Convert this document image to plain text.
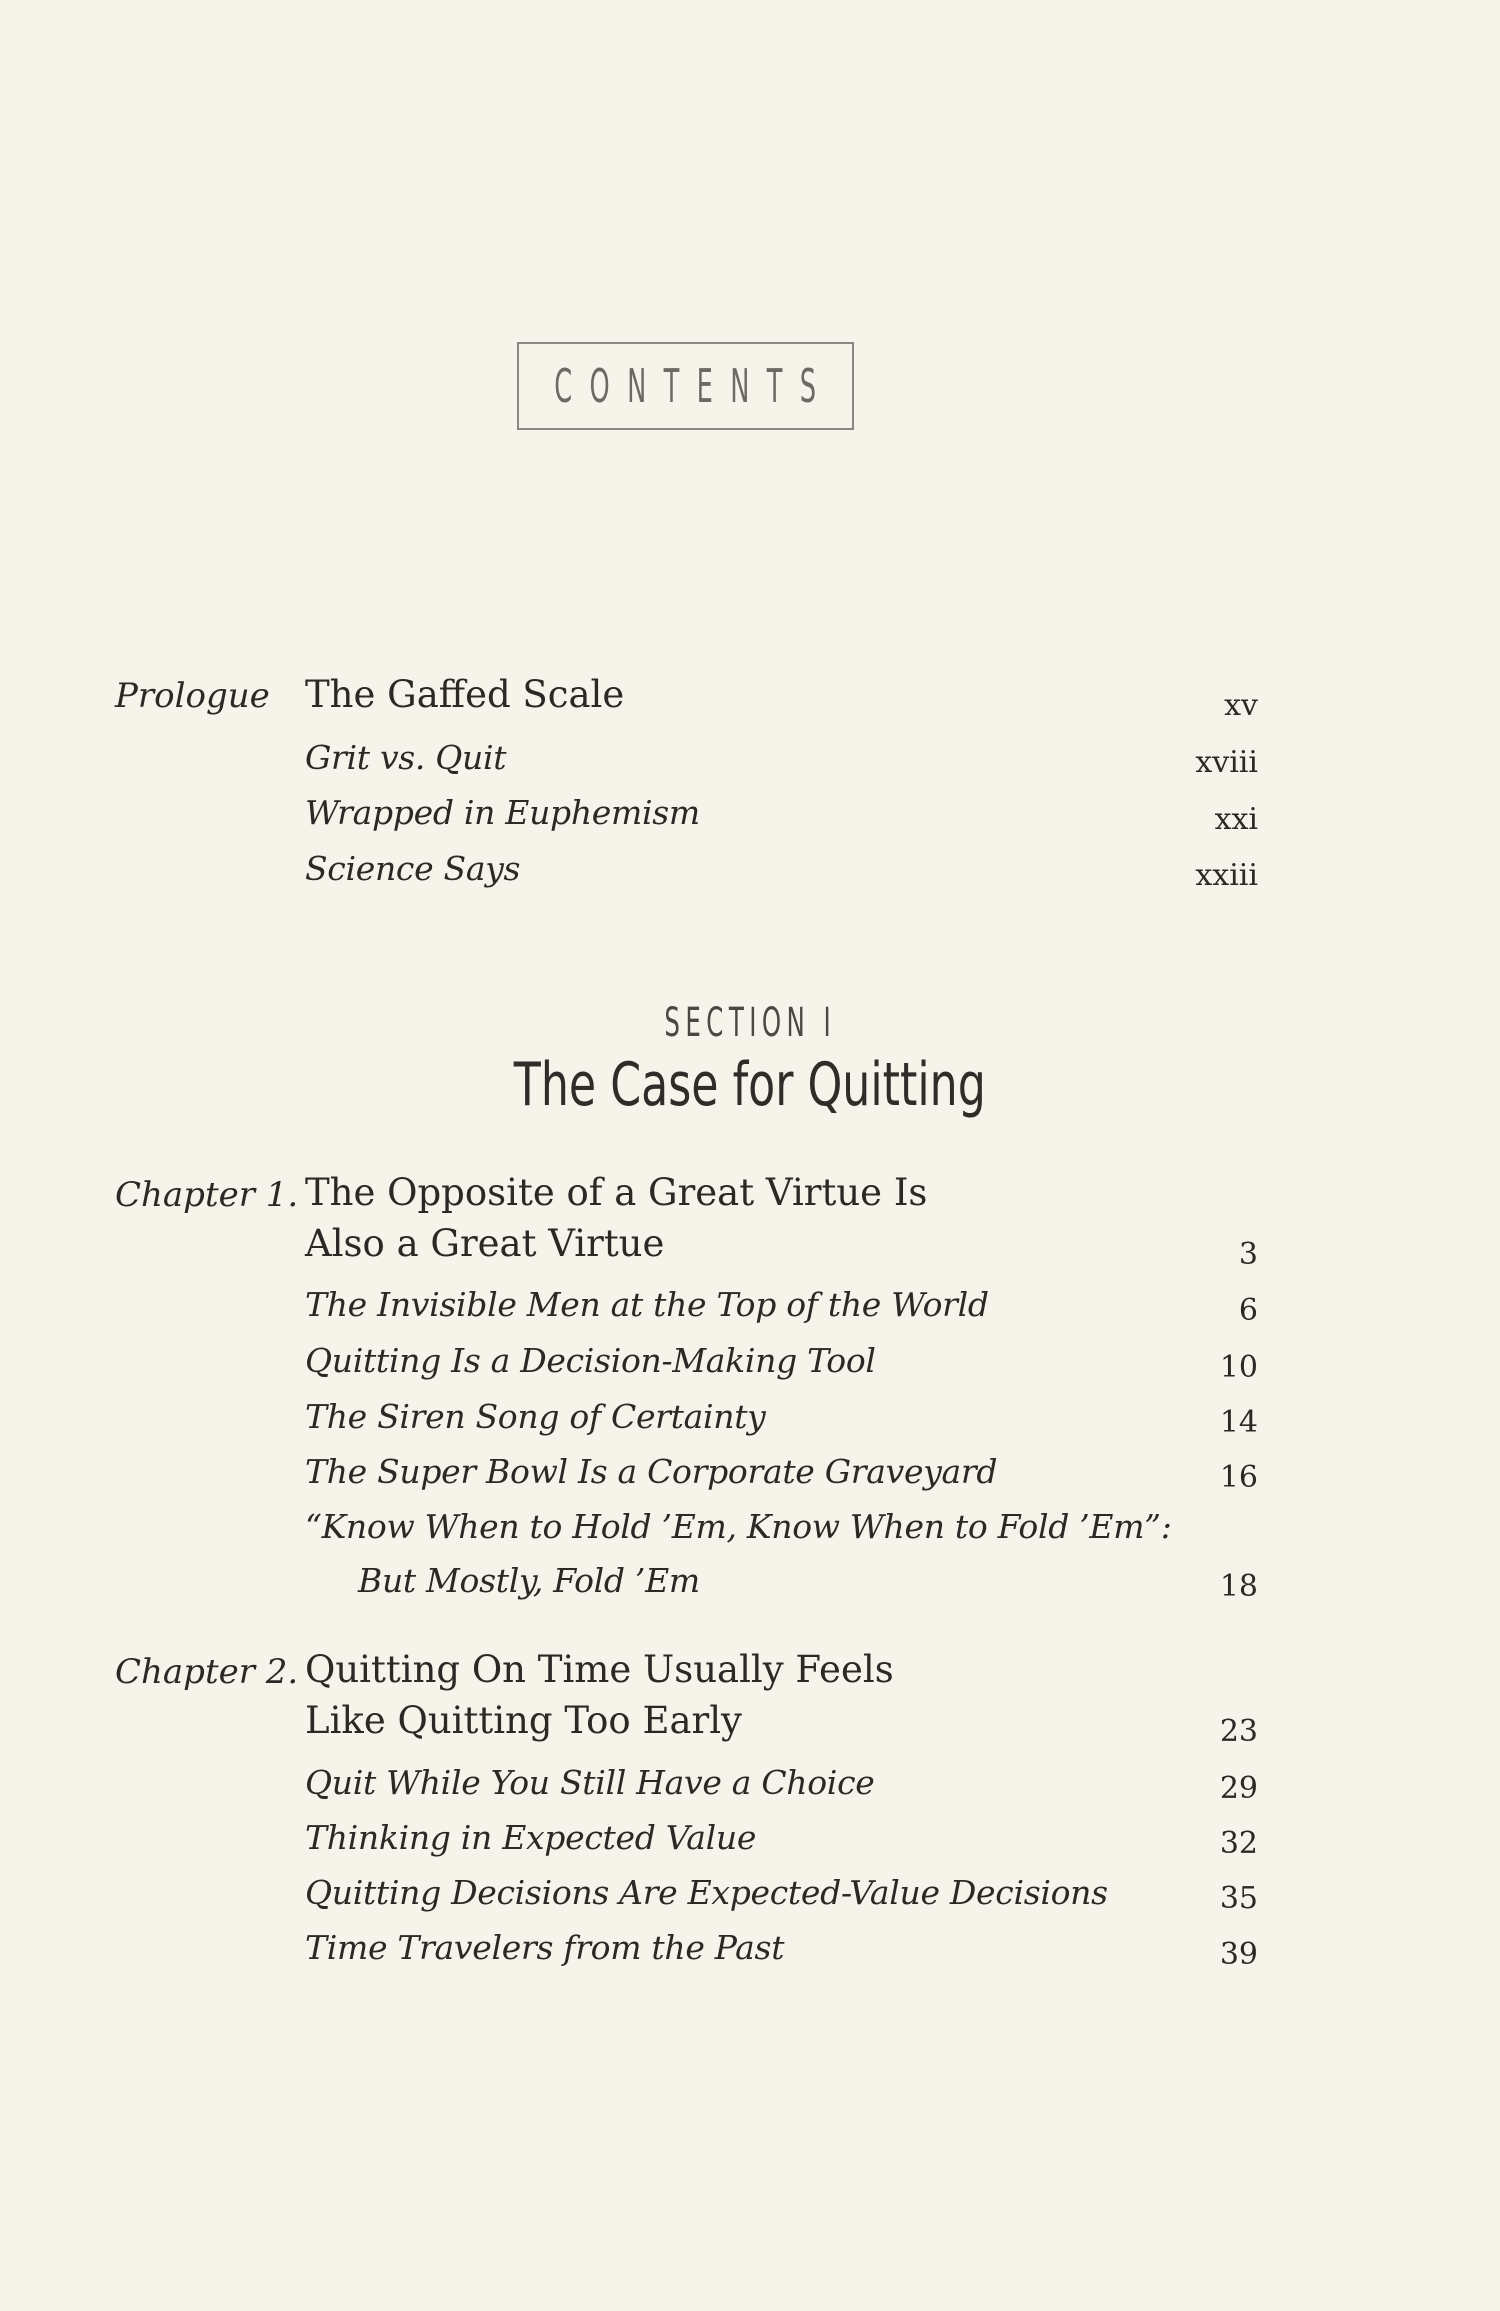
CONTENTS
Prologue The Gaffed Scale	xv
Grit vs. Quit	xviii
Wrapped in Euphemism	xxi
Science Says	xxiii
SECTION I
The Case for Quitting
Chapter 1. The Opposite of a Great Virtue Is
Also a Great Virtue	3
The Invisible Men at the Top of the World	6
Quitting Is a Decision-Making Tool	10
The Siren Song of Certainty	14
The Super Bowl Is a Corporate Graveyard	16
“Know When to Hold ’Em, Know When to Fold ’Em”:
But Mostly, Fold ’Em	18
Chapter 2. Quitting On Time Usually Feels
Like Quitting Too Early	23
Quit While You Still Have a Choice	29
Thinking in Expected Value	32
Quitting Decisions Are Expected-Value Decisions	35
Time Travelers from the Past	39
